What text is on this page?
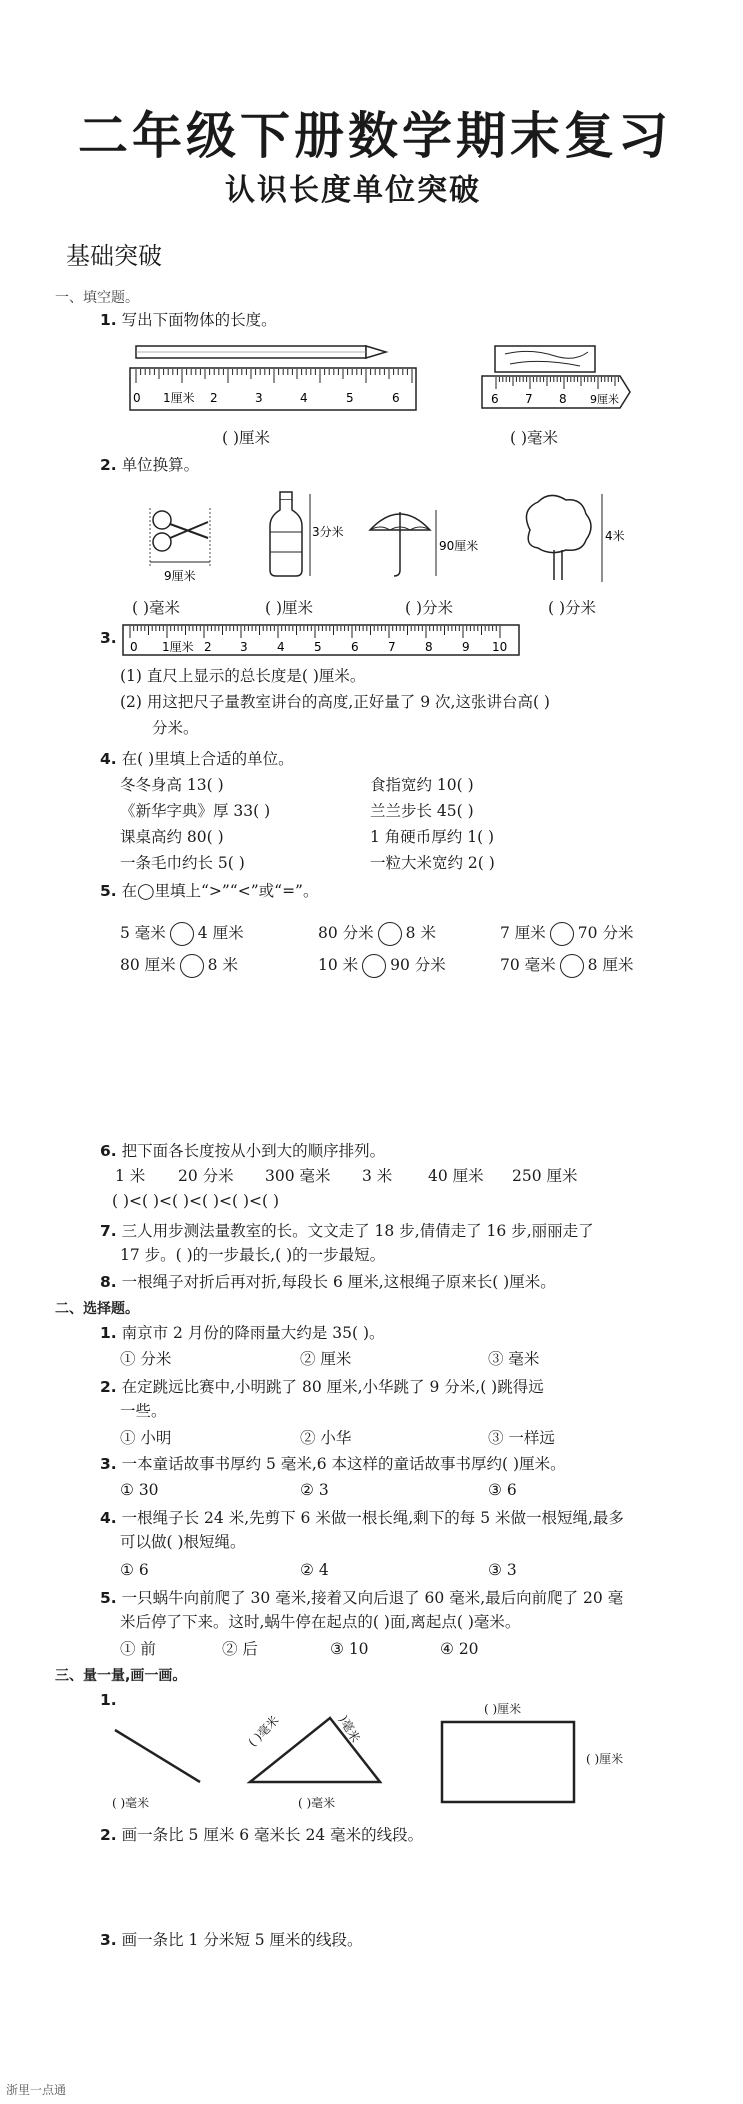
二年级下册数学期末复习
认识长度单位突破
基础突破
一、填空题。
1. 写出下面物体的长度。
0 1厘米 2	3	4	5	6	6 7 8 9厘米
( )厘米	( )毫米
2. 单位换算。
9厘米
3分米
90厘米
4米
( )毫米	( )厘米	( )分米	( )分米
3. 0 1厘米 2 3 4 5 6 7 8 9 10
(1) 直尺上显示的总长度是( )厘米。
(2) 用这把尺子量教室讲台的高度,正好量了 9 次,这张讲台高( )
分米。
4. 在( )里填上合适的单位。
冬冬身高 13( )	食指宽约 10( )
《新华字典》厚 33( )	兰兰步长 45( )
课桌高约 80( )	1 角硬币厚约 1( )
一条毛巾约长 5( )	一粒大米宽约 2( )
5. 在◯里填上“>”“<”或“=”。
5 毫米 4 厘米	80 分米 8 米	7 厘米 70 分米
80 厘米 8 米	10 米 90 分米	70 毫米 8 厘米
6. 把下面各长度按从小到大的顺序排列。
1 米 20 分米 300 毫米 3 米 40 厘米 250 厘米
( )<( )<( )<( )<( )<( )
7. 三人用步测法量教室的长。文文走了 18 步,倩倩走了 16 步,丽丽走了
17 步。( )的一步最长,( )的一步最短。
8. 一根绳子对折后再对折,每段长 6 厘米,这根绳子原来长( )厘米。
二、选择题。
1. 南京市 2 月份的降雨量大约是 35( )。
① 分米	② 厘米	③ 毫米
2. 在定跳远比赛中,小明跳了 80 厘米,小华跳了 9 分米,( )跳得远
一些。
① 小明	② 小华	③ 一样远
3. 一本童话故事书厚约 5 毫米,6 本这样的童话故事书厚约( )厘米。
① 30	② 3	③ 6
4. 一根绳子长 24 米,先剪下 6 米做一根长绳,剩下的每 5 米做一根短绳,最多
可以做( )根短绳。
① 6	② 4	③ 3
5. 一只蜗牛向前爬了 30 毫米,接着又向后退了 60 毫米,最后向前爬了 20 毫
米后停了下来。这时,蜗牛停在起点的( )面,离起点( )毫米。
① 前	② 后	③ 10	④ 20
三、量一量,画一画。
1.
( )毫米
( )毫米	)毫米
( )毫米
( )厘米
( )厘米
2. 画一条比 5 厘米 6 毫米长 24 毫米的线段。
3. 画一条比 1 分米短 5 厘米的线段。
浙里一点通
